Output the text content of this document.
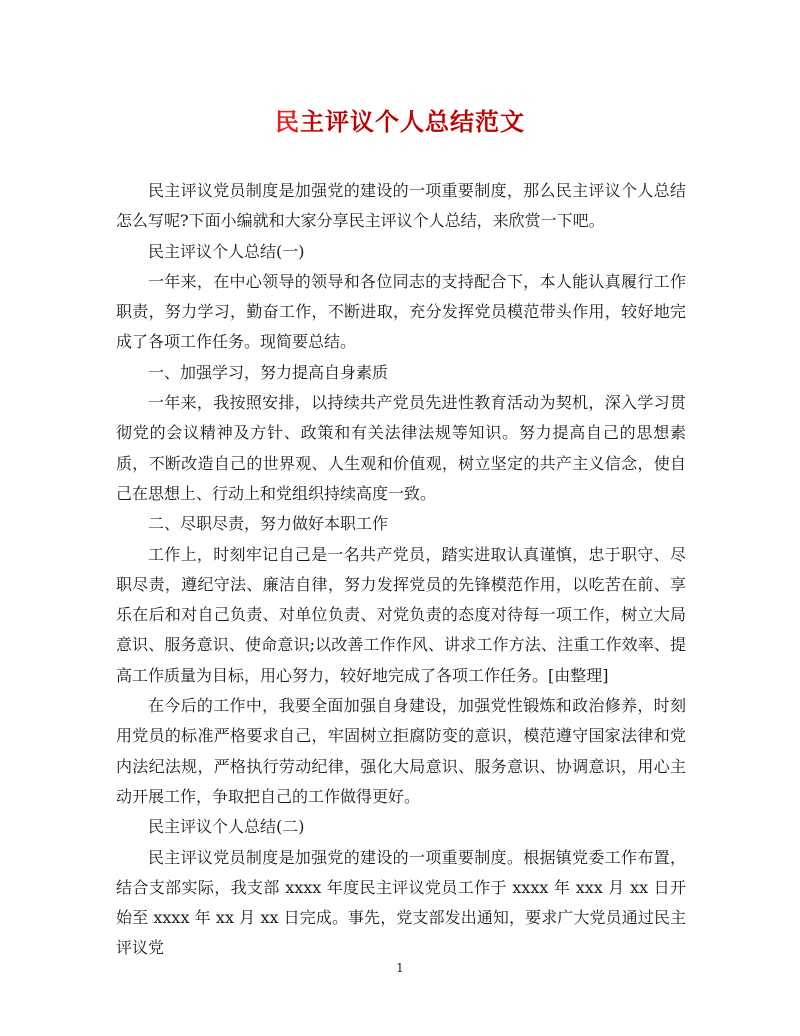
民主评议个人总结范文

民主评议党员制度是加强党的建设的一项重要制度，那么民主评议个人总结怎么写呢?下面小编就和大家分享民主评议个人总结，来欣赏一下吧。

民主评议个人总结(一)

一年来，在中心领导的领导和各位同志的支持配合下，本人能认真履行工作职责，努力学习，勤奋工作，不断进取，充分发挥党员模范带头作用，较好地完成了各项工作任务。现简要总结。

一、加强学习，努力提高自身素质

一年来，我按照安排，以持续共产党员先进性教育活动为契机，深入学习贯彻党的会议精神及方针、政策和有关法律法规等知识。努力提高自己的思想素质，不断改造自己的世界观、人生观和价值观，树立坚定的共产主义信念，使自己在思想上、行动上和党组织持续高度一致。

二、尽职尽责，努力做好本职工作

工作上，时刻牢记自己是一名共产党员，踏实进取认真谨慎，忠于职守、尽职尽责，遵纪守法、廉洁自律，努力发挥党员的先锋模范作用，以吃苦在前、享乐在后和对自己负责、对单位负责、对党负责的态度对待每一项工作，树立大局意识、服务意识、使命意识;以改善工作作风、讲求工作方法、注重工作效率、提高工作质量为目标，用心努力，较好地完成了各项工作任务。[由整理]

在今后的工作中，我要全面加强自身建设，加强党性锻炼和政治修养，时刻用党员的标准严格要求自己，牢固树立拒腐防变的意识，模范遵守国家法律和党内法纪法规，严格执行劳动纪律，强化大局意识、服务意识、协调意识，用心主动开展工作，争取把自己的工作做得更好。

民主评议个人总结(二)

民主评议党员制度是加强党的建设的一项重要制度。根据镇党委工作布置，结合支部实际，我支部 xxxx 年度民主评议党员工作于 xxxx 年 xxx 月 xx 日开始至 xxxx 年 xx 月 xx 日完成。事先，党支部发出通知，要求广大党员通过民主评议党

1
